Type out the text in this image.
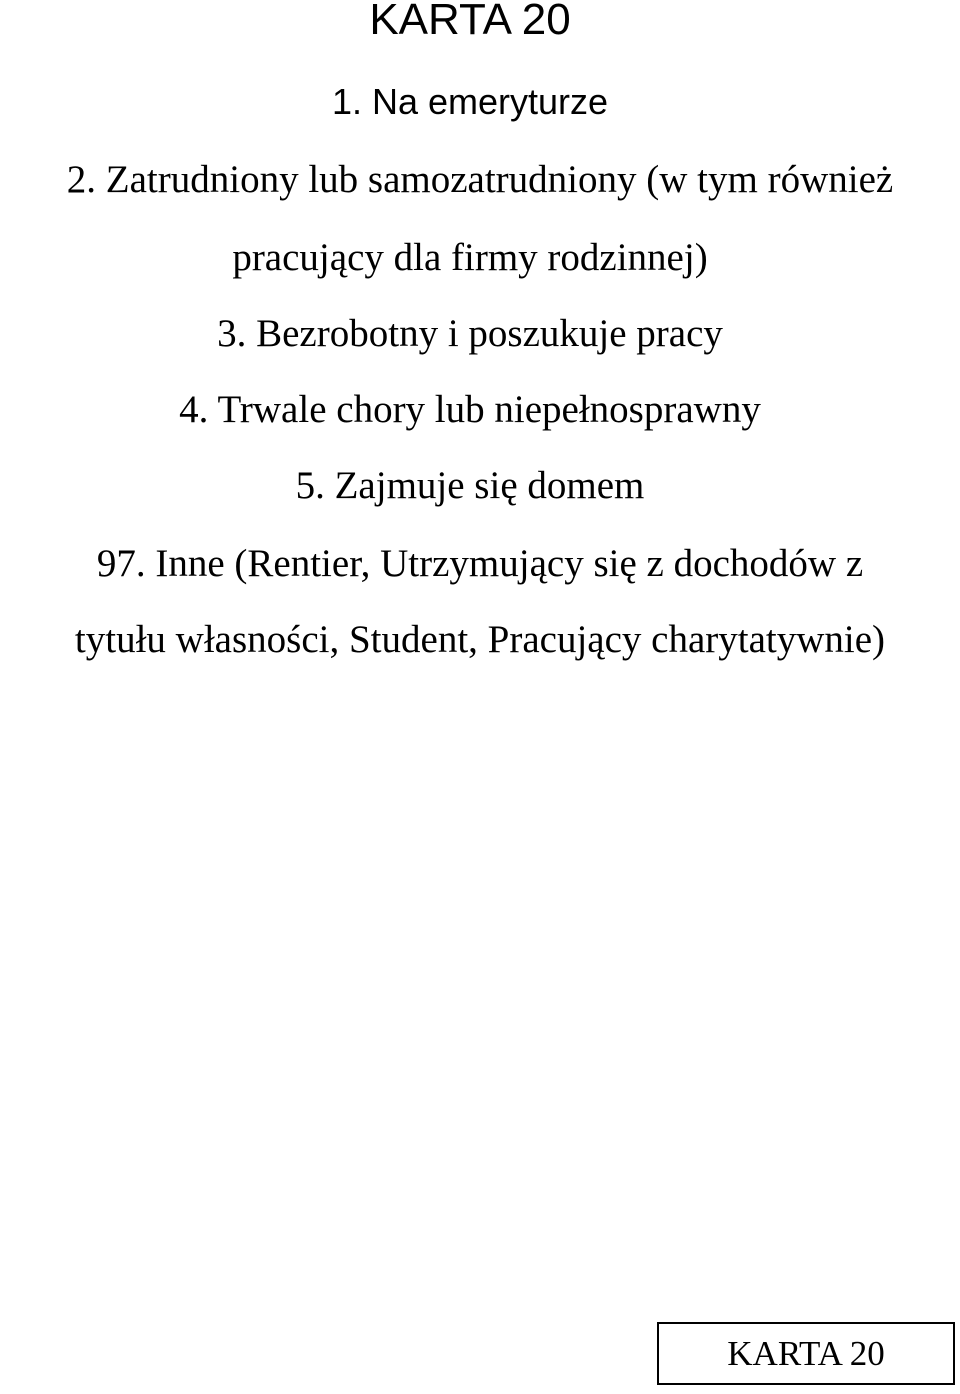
KARTA 20
1. Na emeryturze
2. Zatrudniony lub samozatrudniony (w tym również
pracujący dla firmy rodzinnej)
3. Bezrobotny i poszukuje pracy
4. Trwale chory lub niepełnosprawny
5. Zajmuje się domem
97. Inne (Rentier, Utrzymujący się z dochodów z
tytułu własności, Student, Pracujący charytatywnie)
KARTA 20
